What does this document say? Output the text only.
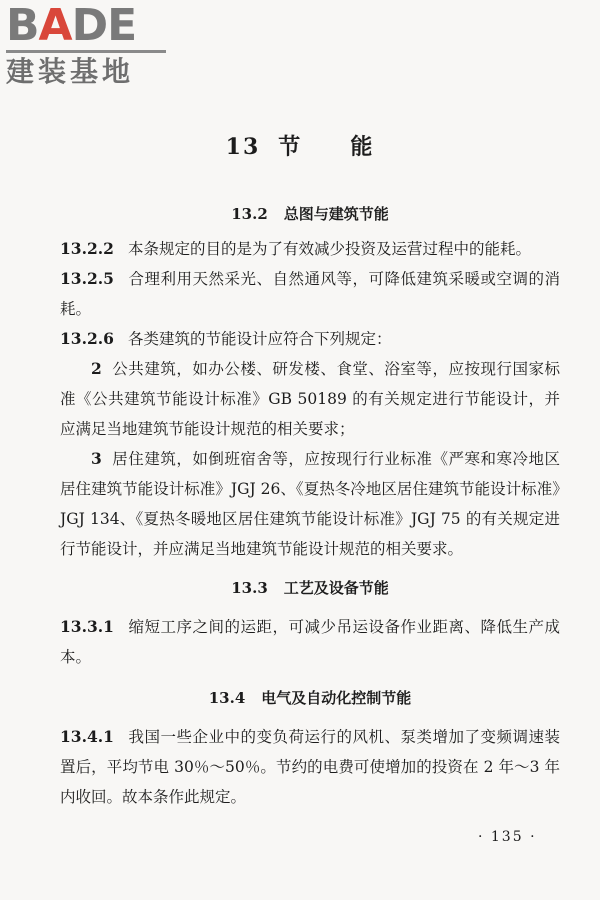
BADE
建装基地
13 节 能
13.2 总图与建筑节能

13.2.2 本条规定的目的是为了有效减少投资及运营过程中的能耗。

13.2.5 合理利用天然采光、自然通风等，可降低建筑采暖或空调的消耗。

13.2.6 各类建筑的节能设计应符合下列规定：

2 公共建筑，如办公楼、研发楼、食堂、浴室等，应按现行国家标准《公共建筑节能设计标准》GB 50189 的有关规定进行节能设计，并应满足当地建筑节能设计规范的相关要求；

3 居住建筑，如倒班宿舍等，应按现行行业标准《严寒和寒冷地区居住建筑节能设计标准》JGJ 26、《夏热冬冷地区居住建筑节能设计标准》JGJ 134、《夏热冬暖地区居住建筑节能设计标准》JGJ 75 的有关规定进行节能设计，并应满足当地建筑节能设计规范的相关要求。

13.3 工艺及设备节能

13.3.1 缩短工序之间的运距，可减少吊运设备作业距离、降低生产成本。

13.4 电气及自动化控制节能

13.4.1 我国一些企业中的变负荷运行的风机、泵类增加了变频调速装置后，平均节电 30％～50％。节约的电费可使增加的投资在 2 年～3 年内收回。故本条作此规定。

· 135 ·
